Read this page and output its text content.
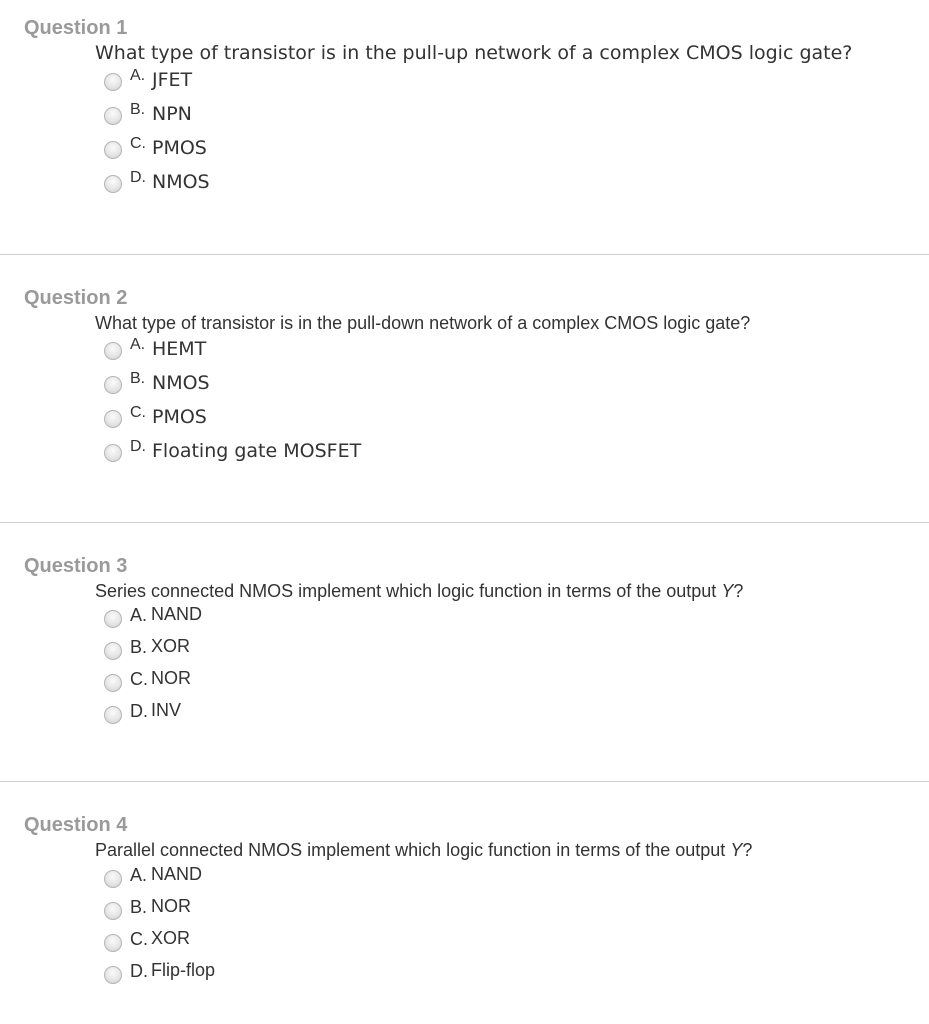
Question 1
What type of transistor is in the pull-up network of a complex CMOS logic gate?
A. JFET
B. NPN
C. PMOS
D. NMOS
Question 2
What type of transistor is in the pull-down network of a complex CMOS logic gate?
A. HEMT
B. NMOS
C. PMOS
D. Floating gate MOSFET
Question 3
Series connected NMOS implement which logic function in terms of the output Y?
A. NAND
B. XOR
C. NOR
D. INV
Question 4
Parallel connected NMOS implement which logic function in terms of the output Y?
A. NAND
B. NOR
C. XOR
D. Flip-flop
